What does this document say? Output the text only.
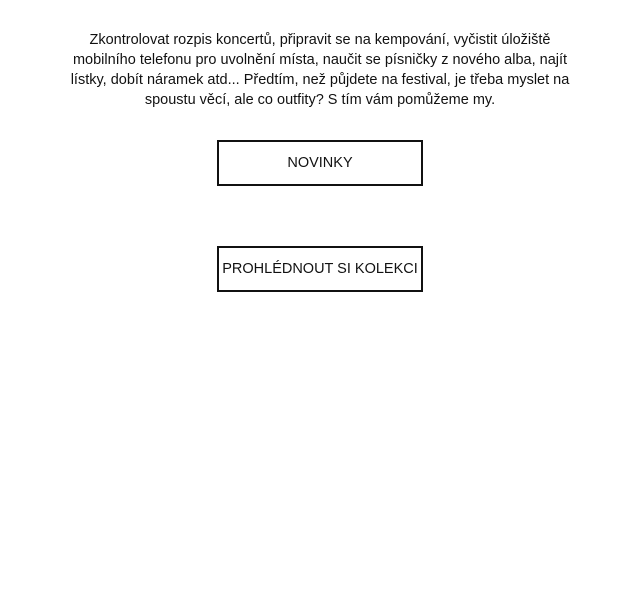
Zkontrolovat rozpis koncertů, připravit se na kempování, vyčistit úložiště mobilního telefonu pro uvolnění místa, naučit se písničky z nového alba, najít lístky, dobít náramek atd... Předtím, než půjdete na festival, je třeba myslet na spoustu věcí, ale co outfity? S tím vám pomůžeme my.

NOVINKY
PROHLÉDNOUT SI KOLEKCI
